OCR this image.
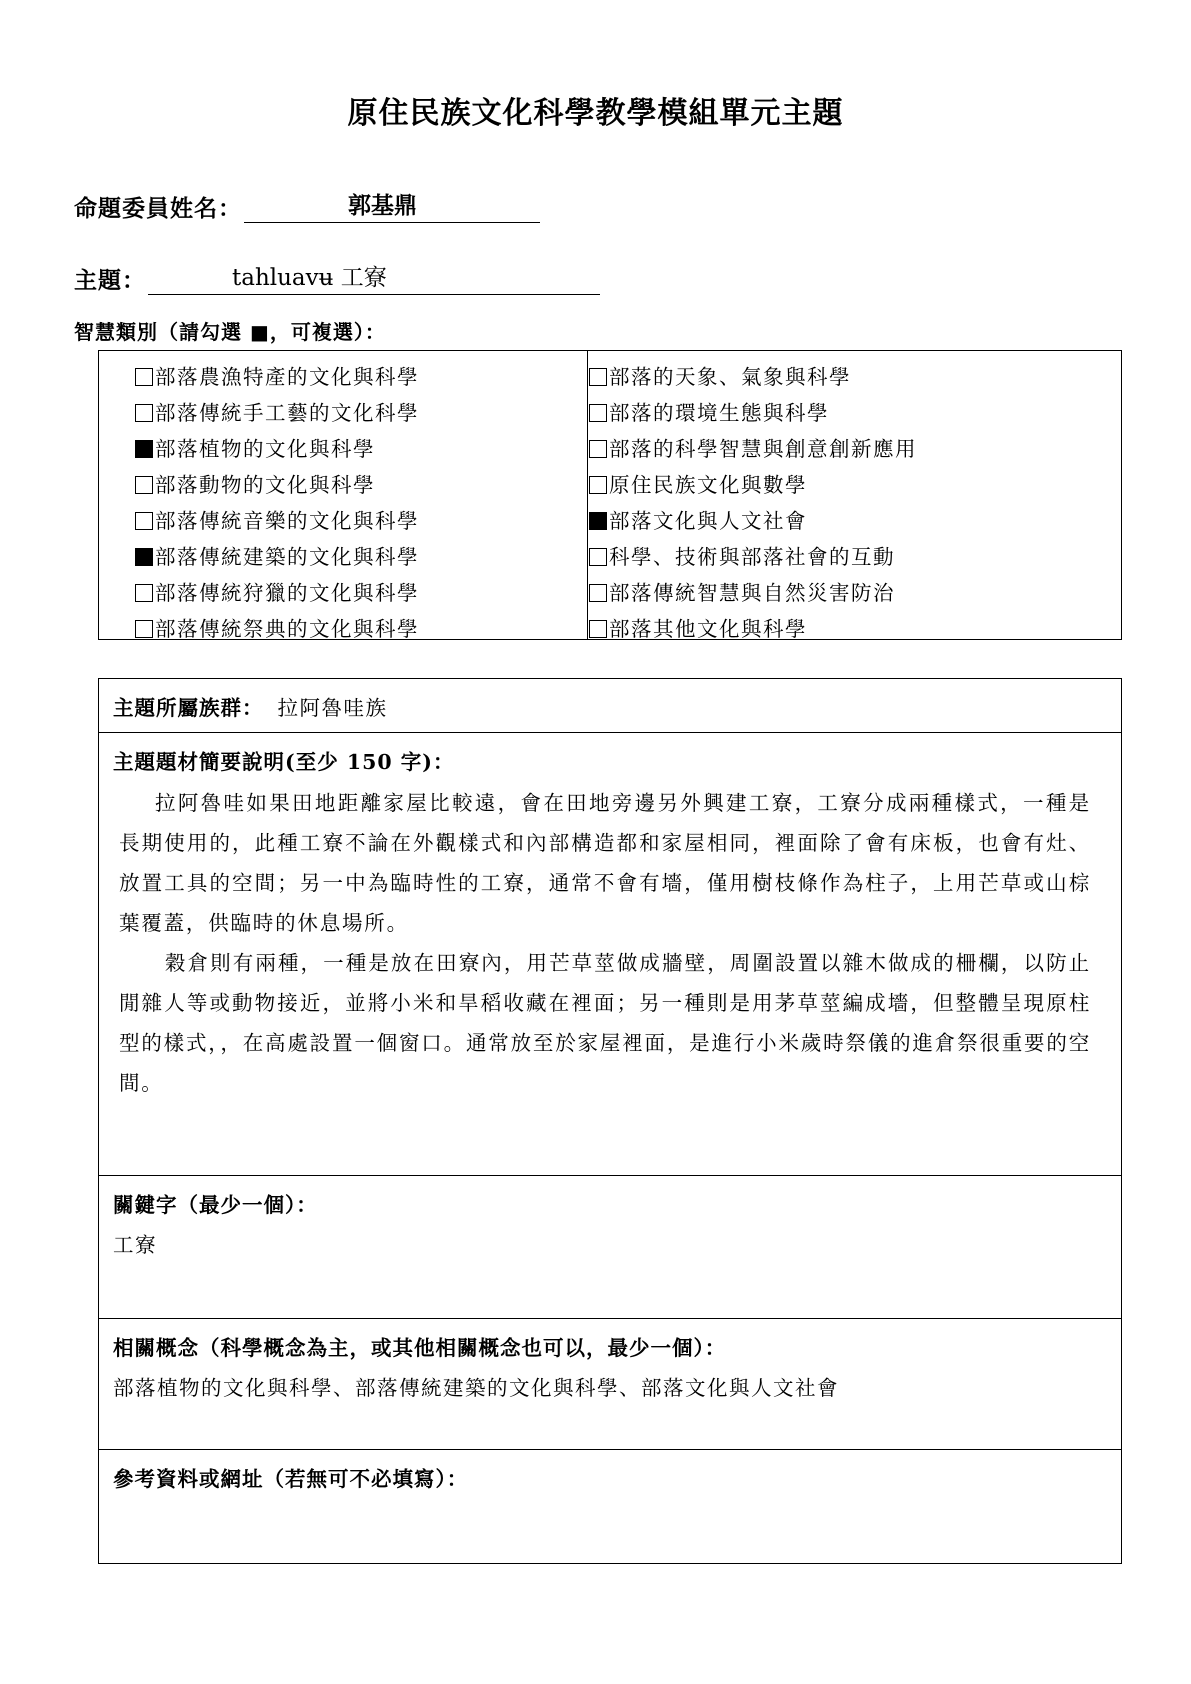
原住民族文化科學教學模組單元主題
命題委員姓名：	郭基鼎
主題：	tahluavʉ 工寮
智慧類別（請勾選 ■，可複選）：
部落農漁特產的文化與科學
部落傳統手工藝的文化科學
部落植物的文化與科學
部落動物的文化與科學
部落傳統音樂的文化與科學
部落傳統建築的文化與科學
部落傳統狩獵的文化與科學
部落傳統祭典的文化與科學
部落的天象、氣象與科學
部落的環境生態與科學
部落的科學智慧與創意創新應用
原住民族文化與數學
部落文化與人文社會
科學、技術與部落社會的互動
部落傳統智慧與自然災害防治
部落其他文化與科學
主題所屬族群： 拉阿魯哇族
主題題材簡要說明(至少 150 字)：
拉阿魯哇如果田地距離家屋比較遠，會在田地旁邊另外興建工寮，工寮分成兩種樣式，一種是長期使用的，此種工寮不論在外觀樣式和內部構造都和家屋相同，裡面除了會有床板，也會有灶、放置工具的空間；另一中為臨時性的工寮，通常不會有墻，僅用樹枝條作為柱子，上用芒草或山棕葉覆蓋，供臨時的休息場所。
穀倉則有兩種，一種是放在田寮內，用芒草莖做成牆壁，周圍設置以雜木做成的柵欄，以防止閒雜人等或動物接近，並將小米和旱稻收藏在裡面；另一種則是用茅草莖編成墻，但整體呈現原柱型的樣式，，在高處設置一個窗口。通常放至於家屋裡面，是進行小米歲時祭儀的進倉祭很重要的空間。
關鍵字（最少一個）：
工寮
相關概念（科學概念為主，或其他相關概念也可以，最少一個）：
部落植物的文化與科學、部落傳統建築的文化與科學、部落文化與人文社會
參考資料或網址（若無可不必填寫）：
